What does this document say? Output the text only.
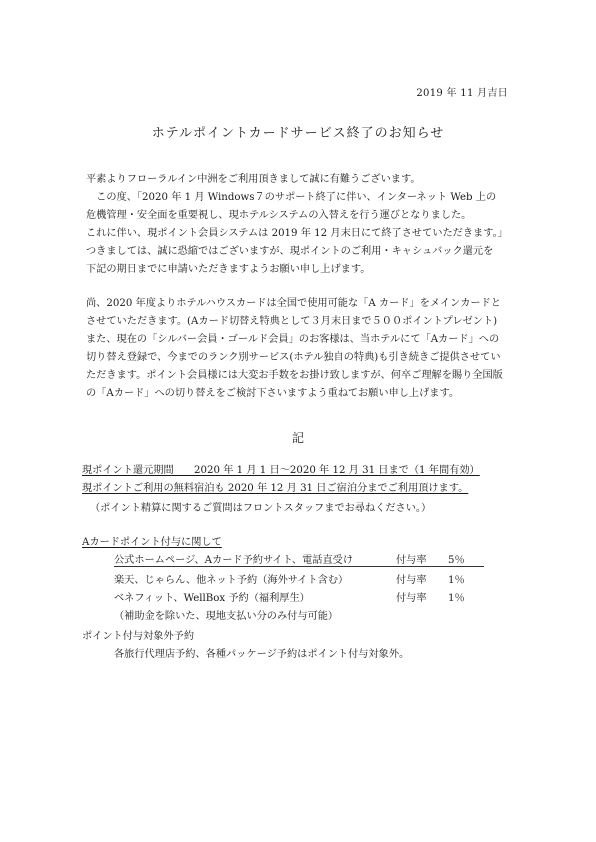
2019 年 11 月吉日
ホテルポイントカードサービス終了のお知らせ
平素よりフローラルイン中洲をご利用頂きまして誠に有難うございます。
　この度、「2020 年 1 月 Windows７のサポート終了に伴い、インターネット Web 上の
危機管理・安全面を重要視し、現ホテルシステムの入替えを行う運びとなりました。
これに伴い、現ポイント会員システムは 2019 年 12 月末日にて終了させていただきます。」
つきましては、誠に恐縮ではございますが、現ポイントのご利用・キャシュバック還元を
下記の期日までに申請いただきますようお願い申し上げます。
尚、2020 年度よりホテルハウスカードは全国で使用可能な「A カード」をメインカードと
させていただきます。(Aカード切替え特典として３月末日まで５００ポイントプレゼント)
また、現在の「シルバー会員・ゴールド会員」のお客様は、当ホテルにて「Aカード」への
切り替え登録で、今までのランク別サービス(ホテル独自の特典)も引き続きご提供させてい
ただきます。ポイント会員様には大変お手数をお掛け致しますが、何卒ご理解を賜り全国版
の「Aカード」への切り替えをご検討下さいますよう重ねてお願い申し上げます。
記
現ポイント還元期間　　2020 年 1 月 1 日～2020 年 12 月 31 日まで（1 年間有効）
現ポイントご利用の無料宿泊も 2020 年 12 月 31 日ご宿泊分までご利用頂けます。
（ポイント精算に関するご質問はフロントスタッフまでお尋ねください。）
Aカードポイント付与に関して
公式ホームページ、Aカード予約サイト、電話直受け	付与率 5％
楽天、じゃらん、他ネット予約（海外サイト含む）	付与率 1％
ベネフィット、WellBox 予約（福利厚生）	付与率 1％
（補助金を除いた、現地支払い分のみ付与可能）
ポイント付与対象外予約
各旅行代理店予約、各種パッケージ予約はポイント付与対象外。
